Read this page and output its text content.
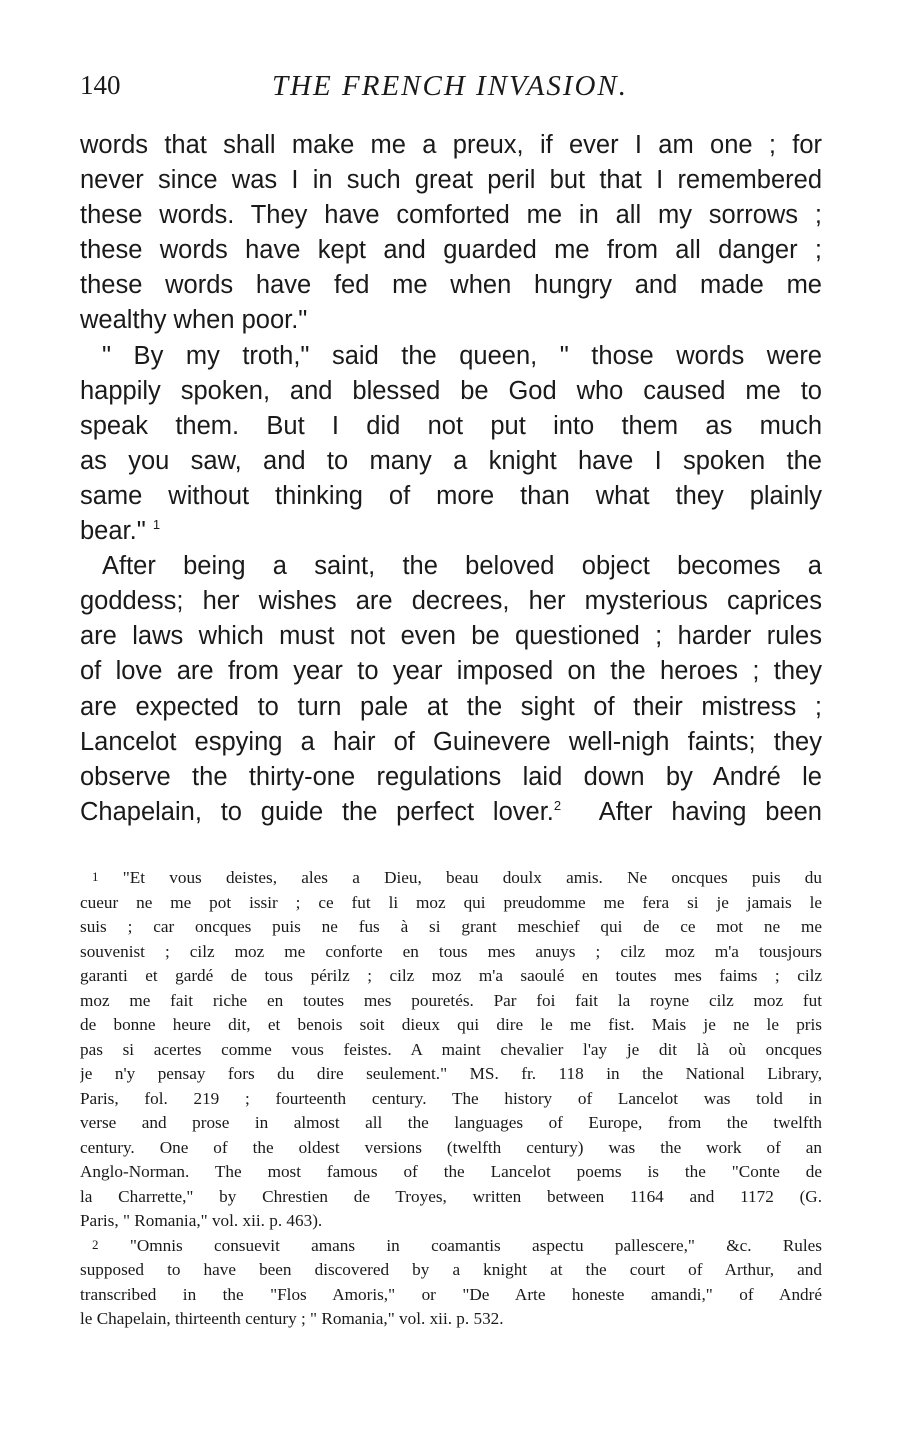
140	THE FRENCH INVASION.
words that shall make me a preux, if ever I am one ; for
never since was I in such great peril but that I remembered
these words. They have comforted me in all my sorrows ;
these words have kept and guarded me from all danger ;
these words have fed me when hungry and made me
wealthy when poor."
" By my troth," said the queen, " those words were
happily spoken, and blessed be God who caused me to
speak them. But I did not put into them as much
as you saw, and to many a knight have I spoken the
same without thinking of more than what they plainly
bear." $^1$
After being a saint, the beloved object becomes a
goddess; her wishes are decrees, her mysterious caprices
are laws which must not even be questioned ; harder rules
of love are from year to year imposed on the heroes ; they
are expected to turn pale at the sight of their mistress ;
Lancelot espying a hair of Guinevere well-nigh faints; they
observe the thirty-one regulations laid down by André le
Chapelain, to guide the perfect lover.$^2$ After having been
$^1$ "Et vous deistes, ales a Dieu, beau doulx amis. Ne oncques puis du
cueur ne me pot issir ; ce fut li moz qui preudomme me fera si je jamais le
suis ; car oncques puis ne fus à si grant meschief qui de ce mot ne me
souvenist ; cilz moz me conforte en tous mes anuys ; cilz moz m'a tousjours
garanti et gardé de tous périlz ; cilz moz m'a saoulé en toutes mes faims ; cilz
moz me fait riche en toutes mes pouretés. Par foi fait la royne cilz moz fut
de bonne heure dit, et benois soit dieux qui dire le me fist. Mais je ne le pris
pas si acertes comme vous feistes. A maint chevalier l'ay je dit là où oncques
je n'y pensay fors du dire seulement." MS. fr. 118 in the National Library,
Paris, fol. 219 ; fourteenth century. The history of Lancelot was told in
verse and prose in almost all the languages of Europe, from the twelfth
century. One of the oldest versions (twelfth century) was the work of an
Anglo-Norman. The most famous of the Lancelot poems is the "Conte de
la Charrette," by Chrestien de Troyes, written between 1164 and 1172 (G.
Paris, " Romania," vol. xii. p. 463).
$^2$ "Omnis consuevit amans in coamantis aspectu pallescere," &c. Rules
supposed to have been discovered by a knight at the court of Arthur, and
transcribed in the "Flos Amoris," or "De Arte honeste amandi," of André
le Chapelain, thirteenth century ; " Romania," vol. xii. p. 532.
